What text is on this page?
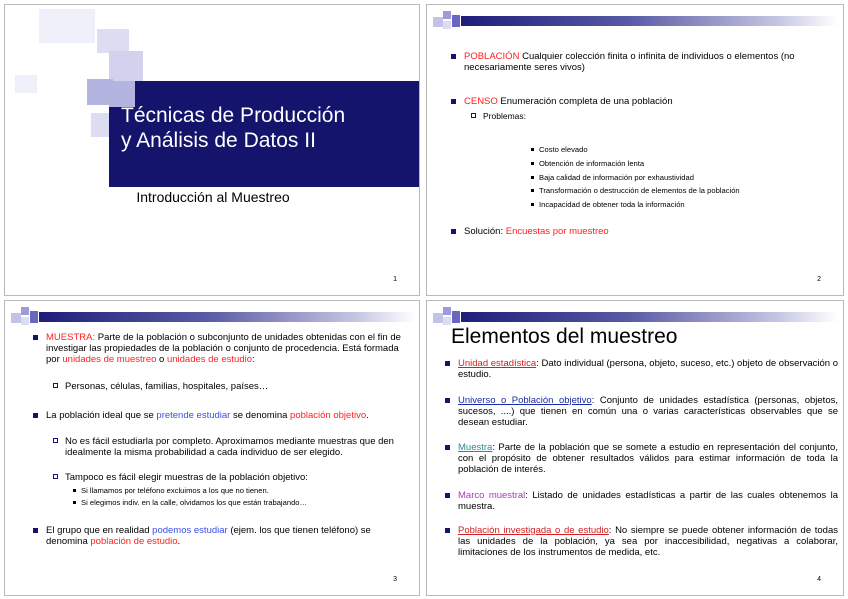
Técnicas de Producción
y Análisis de Datos II
Introducción al Muestreo
1
POBLACIÓN Cualquier colección finita o infinita de individuos o elementos (no necesariamente seres vivos)
CENSO Enumeración completa de una población
Problemas:
Costo elevado
Obtención de información lenta
Baja calidad de información por exhaustividad
Transformación o destrucción de elementos de la población
Incapacidad de obtener toda la información
Solución: Encuestas por muestreo
2
MUESTRA: Parte de la población o subconjunto de unidades obtenidas con el fin de investigar las propiedades de la población o conjunto de procedencia. Está formada por unidades de muestreo o unidades de estudio:
Personas, células, familias, hospitales, países…
La población ideal que se pretende estudiar se denomina población objetivo.
No es fácil estudiarla por completo. Aproximamos mediante muestras que den idealmente la misma probabilidad a cada individuo de ser elegido.
Tampoco es fácil elegir muestras de la población objetivo:
Si llamamos por teléfono excluimos a los que no tienen.
Si elegimos indiv. en la calle, olvidamos los que están trabajando…
El grupo que en realidad podemos estudiar (ejem. los que tienen teléfono) se denomina población de estudio.
3
Elementos del muestreo
Unidad estadística: Dato individual (persona, objeto, suceso, etc.) objeto de observación o estudio.
Universo o Población objetivo: Conjunto de unidades estadística (personas, objetos, sucesos, ....) que tienen en común una o varias características observables que se desean estudiar.
Muestra: Parte de la población que se somete a estudio en representación del conjunto, con el propósito de obtener resultados válidos para estimar información de toda la población de interés.
Marco muestral: Listado de unidades estadísticas a partir de las cuales obtenemos la muestra.
Población investigada o de estudio: No siempre se puede obtener información de todas las unidades de la población, ya sea por inaccesibilidad, negativas a colaborar, limitaciones de los instrumentos de medida, etc.
4
